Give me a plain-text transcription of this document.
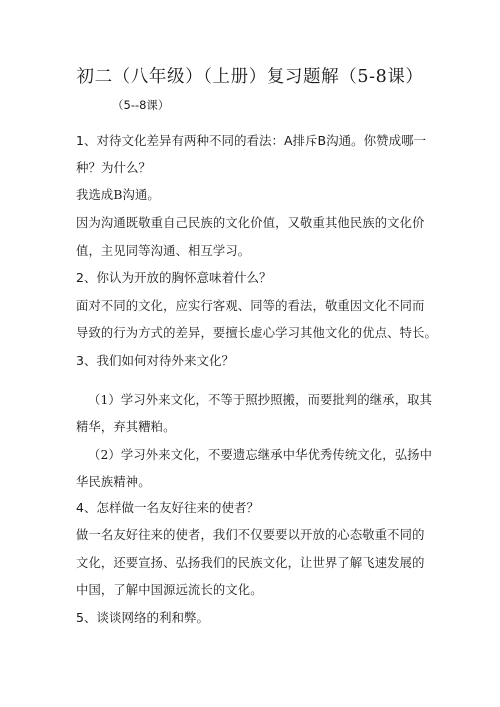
初二（八年级）（上册）复习题解（5-8课）
（5--8课）
1、对待文化差异有两种不同的看法：A排斥B沟通。你赞成哪一
种？为什么？
我选成B沟通。
因为沟通既敬重自己民族的文化价值，又敬重其他民族的文化价
值，主见同等沟通、相互学习。
2、你认为开放的胸怀意味着什么？
面对不同的文化，应实行客观、同等的看法，敬重因文化不同而
导致的行为方式的差异，要擅长虚心学习其他文化的优点、特长。
3、我们如何对待外来文化？
（1）学习外来文化，不等于照抄照搬，而要批判的继承，取其
精华，弃其糟粕。
（2）学习外来文化，不要遗忘继承中华优秀传统文化，弘扬中
华民族精神。
4、怎样做一名友好往来的使者？
做一名友好往来的使者，我们不仅要要以开放的心态敬重不同的
文化，还要宣扬、弘扬我们的民族文化，让世界了解飞速发展的
中国，了解中国源远流长的文化。
5、谈谈网络的利和弊。
